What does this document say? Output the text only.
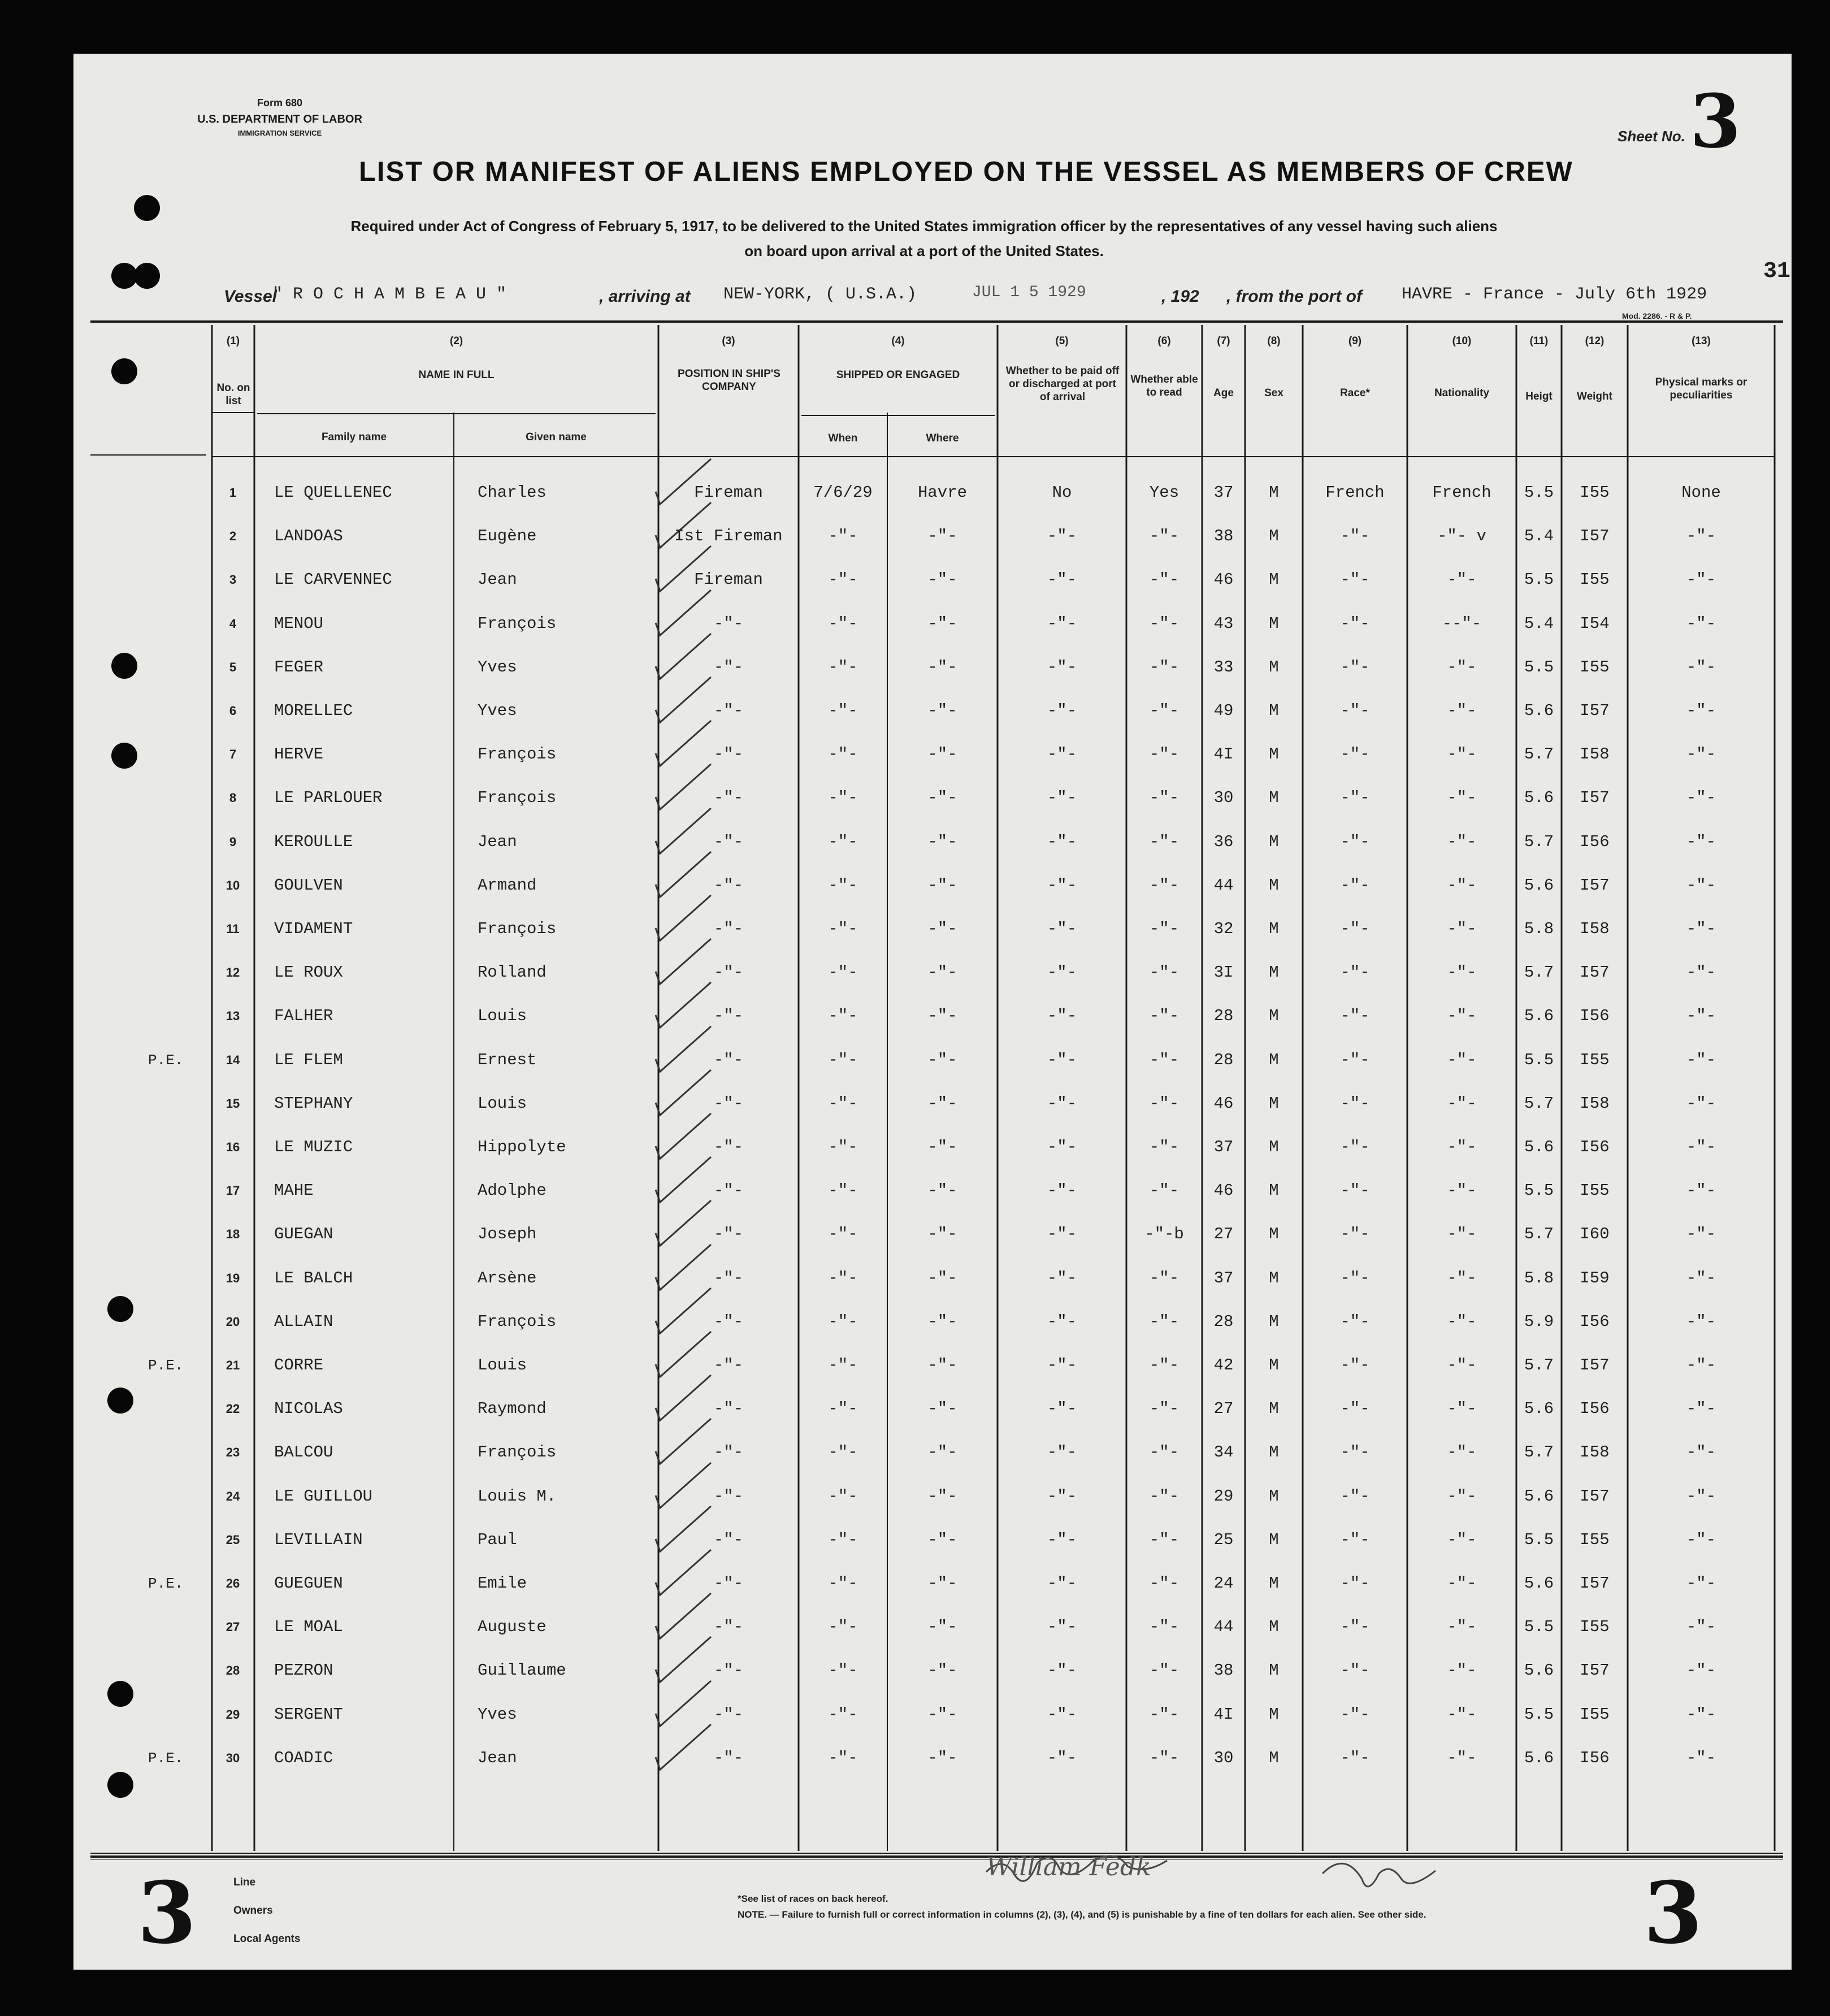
Form 680
U.S. DEPARTMENT OF LABOR
IMMIGRATION SERVICE	Sheet No. 3
LIST OR MANIFEST OF ALIENS EMPLOYED ON THE VESSEL AS MEMBERS OF CREW
Required under Act of Congress of February 5, 1917, to be delivered to the United States immigration officer by the representatives of any vessel having such aliens
on board upon arrival at a port of the United States.
Vessel
" R O C H A M B E A U "	, arriving at NEW-YORK, ( U.S.A.)	JUL 1 5 1929	, 192 , from the port of HAVRE - France - July 6th 1929
31
Mod. 2286. - R & P.
(1)
No. on list
(2)
NAME IN FULL
Family name	Given name
(3)
POSITION IN SHIP'S COMPANY
(4)
SHIPPED OR ENGAGED
When	Where
(5)
Whether to be paid off or discharged at port of arrival
(6)
Whether able to read
(7)
Age
(8)
Sex
(9)
Race*
(10)
Nationality
(11)
Heigt
(12)
Weight
(13)
Physical marks or peculiarities
1	LE QUELLENEC	Charles	Fireman	7/6/29	Havre	No	Yes	37	M	French	French	5.5	I55	None
2	LANDOAS	Eugène	Ist Fireman	-"-	-"-	-"-	-"-	38	M	-"-	-"- v	5.4	I57	-"-
3	LE CARVENNEC	Jean	Fireman	-"-	-"-	-"-	-"-	46	M	-"-	-"-	5.5	I55	-"-
4	MENOU	François	-"-	-"-	-"-	-"-	-"-	43	M	-"-	--"-	5.4	I54	-"-
5	FEGER	Yves	-"-	-"-	-"-	-"-	-"-	33	M	-"-	-"-	5.5	I55	-"-
6	MORELLEC	Yves	-"-	-"-	-"-	-"-	-"-	49	M	-"-	-"-	5.6	I57	-"-
7	HERVE	François	-"-	-"-	-"-	-"-	-"-	4I	M	-"-	-"-	5.7	I58	-"-
8	LE PARLOUER	François	-"-	-"-	-"-	-"-	-"-	30	M	-"-	-"-	5.6	I57	-"-
9	KEROULLE	Jean	-"-	-"-	-"-	-"-	-"-	36	M	-"-	-"-	5.7	I56	-"-
10	GOULVEN	Armand	-"-	-"-	-"-	-"-	-"-	44	M	-"-	-"-	5.6	I57	-"-
11	VIDAMENT	François	-"-	-"-	-"-	-"-	-"-	32	M	-"-	-"-	5.8	I58	-"-
12	LE ROUX	Rolland	-"-	-"-	-"-	-"-	-"-	3I	M	-"-	-"-	5.7	I57	-"-
13	FALHER	Louis	-"-	-"-	-"-	-"-	-"-	28	M	-"-	-"-	5.6	I56	-"-
14	LE FLEM	Ernest	-"-	-"-	-"-	-"-	-"-	28	M	-"-	-"-	5.5	I55	-"-
P.E.
15	STEPHANY	Louis	-"-	-"-	-"-	-"-	-"-	46	M	-"-	-"-	5.7	I58	-"-
16	LE MUZIC	Hippolyte	-"-	-"-	-"-	-"-	-"-	37	M	-"-	-"-	5.6	I56	-"-
17	MAHE	Adolphe	-"-	-"-	-"-	-"-	-"-	46	M	-"-	-"-	5.5	I55	-"-
18	GUEGAN	Joseph	-"-	-"-	-"-	-"-	-"-b	27	M	-"-	-"-	5.7	I60	-"-
19	LE BALCH	Arsène	-"-	-"-	-"-	-"-	-"-	37	M	-"-	-"-	5.8	I59	-"-
20	ALLAIN	François	-"-	-"-	-"-	-"-	-"-	28	M	-"-	-"-	5.9	I56	-"-
21	CORRE	Louis	-"-	-"-	-"-	-"-	-"-	42	M	-"-	-"-	5.7	I57	-"-
P.E.
22	NICOLAS	Raymond	-"-	-"-	-"-	-"-	-"-	27	M	-"-	-"-	5.6	I56	-"-
23	BALCOU	François	-"-	-"-	-"-	-"-	-"-	34	M	-"-	-"-	5.7	I58	-"-
24	LE GUILLOU	Louis M.	-"-	-"-	-"-	-"-	-"-	29	M	-"-	-"-	5.6	I57	-"-
25	LEVILLAIN	Paul	-"-	-"-	-"-	-"-	-"-	25	M	-"-	-"-	5.5	I55	-"-
26	GUEGUEN	Emile	-"-	-"-	-"-	-"-	-"-	24	M	-"-	-"-	5.6	I57	-"-
P.E.
27	LE MOAL	Auguste	-"-	-"-	-"-	-"-	-"-	44	M	-"-	-"-	5.5	I55	-"-
28	PEZRON	Guillaume	-"-	-"-	-"-	-"-	-"-	38	M	-"-	-"-	5.6	I57	-"-
29	SERGENT	Yves	-"-	-"-	-"-	-"-	-"-	4I	M	-"-	-"-	5.5	I55	-"-
30	COADIC	Jean	-"-	-"-	-"-	-"-	-"-	30	M	-"-	-"-	5.6	I56	-"-
P.E.
Line
Owners
Local Agents
*See list of races on back hereof.
NOTE. — Failure to furnish full or correct information in columns (2), (3), (4), and (5) is punishable by a fine of ten dollars for each alien. See other side.
William Fedk
3	3
